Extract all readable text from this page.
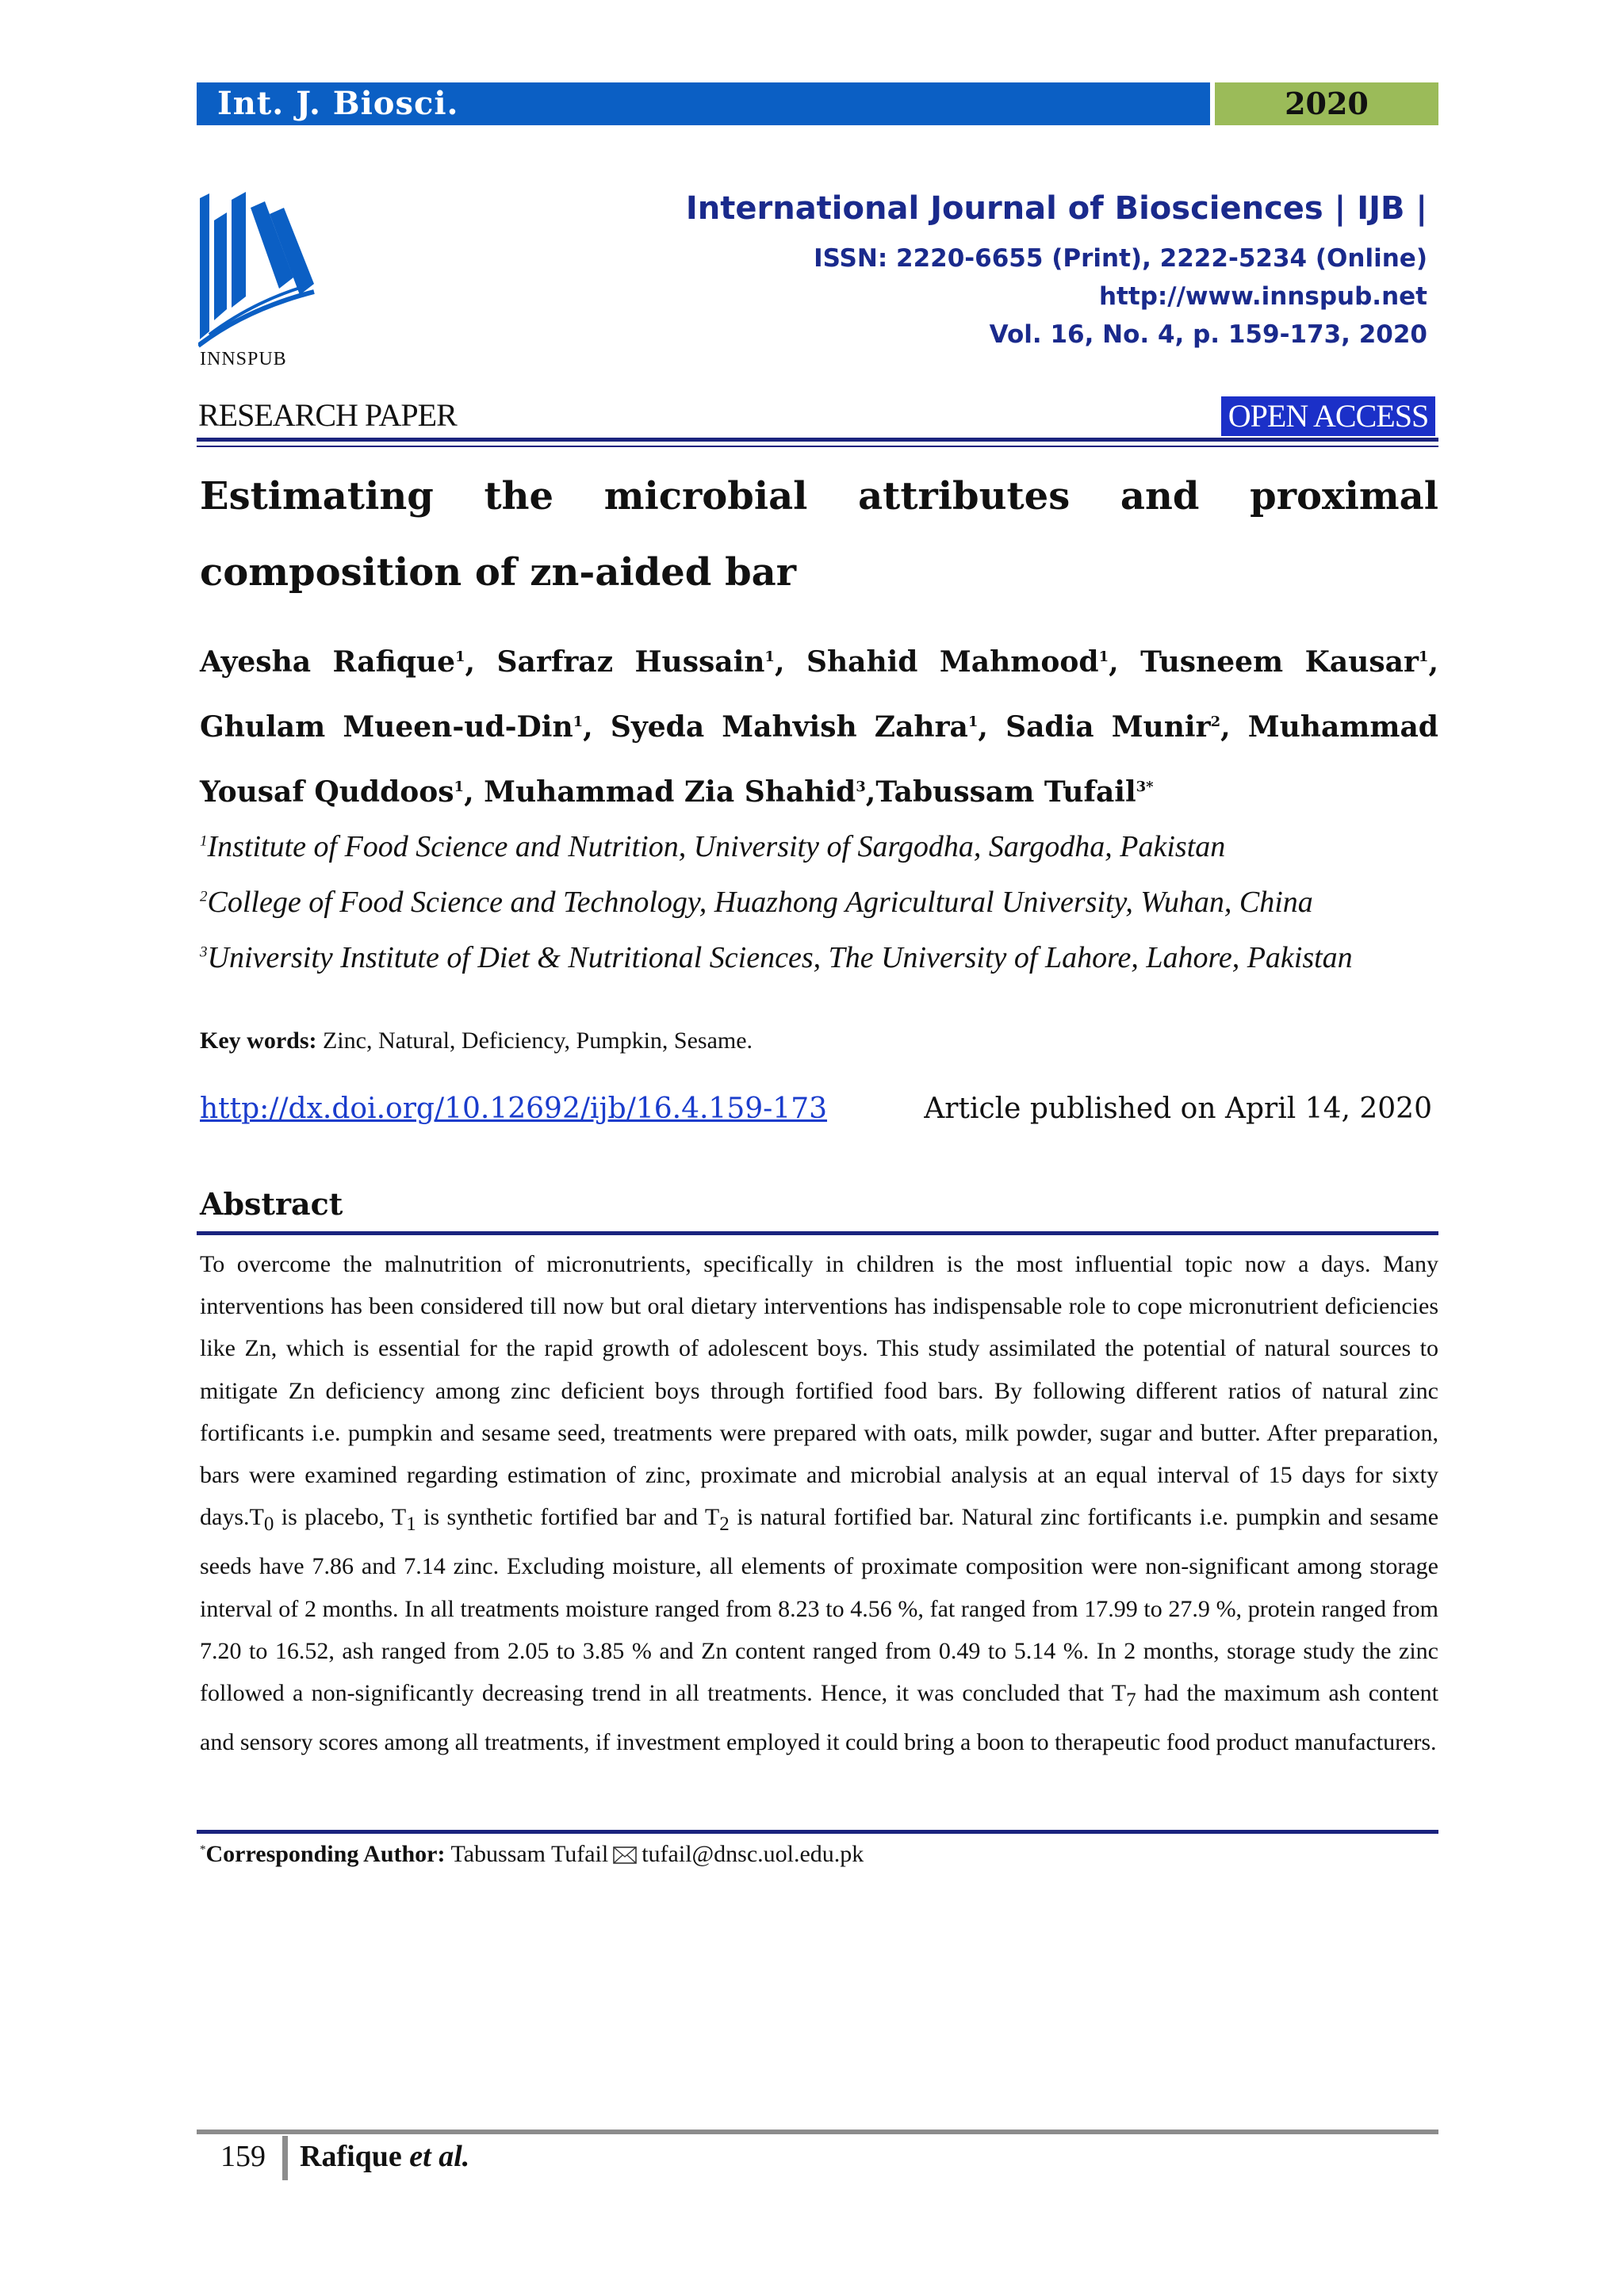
Int. J. Biosci.	2020
INNSPUB
International Journal of Biosciences | IJB |
ISSN: 2220-6655 (Print), 2222-5234 (Online)
http://www.innspub.net
Vol. 16, No. 4, p. 159-173, 2020
RESEARCH PAPER	OPEN ACCESS
Estimating the microbial attributes and proximal composition of zn-aided bar
Ayesha Rafique$^1$, Sarfraz Hussain$^1$, Shahid Mahmood$^1$, Tusneem Kausar$^1$, Ghulam Mueen-ud-Din$^1$, Syeda Mahvish Zahra$^1$, Sadia Munir$^2$, Muhammad Yousaf Quddoos$^1$, Muhammad Zia Shahid$^3$,Tabussam Tufail$^{3*}$
$^1$Institute of Food Science and Nutrition, University of Sargodha, Sargodha, Pakistan
$^2$College of Food Science and Technology, Huazhong Agricultural University, Wuhan, China
$^3$University Institute of Diet & Nutritional Sciences, The University of Lahore, Lahore, Pakistan
Key words: Zinc, Natural, Deficiency, Pumpkin, Sesame.
http://dx.doi.org/10.12692/ijb/16.4.159-173	Article published on April 14, 2020
Abstract
To overcome the malnutrition of micronutrients, specifically in children is the most influential topic now a days. Many interventions has been considered till now but oral dietary interventions has indispensable role to cope micronutrient deficiencies like Zn, which is essential for the rapid growth of adolescent boys. This study assimilated the potential of natural sources to mitigate Zn deficiency among zinc deficient boys through fortified food bars. By following different ratios of natural zinc fortificants i.e. pumpkin and sesame seed, treatments were prepared with oats, milk powder, sugar and butter. After preparation, bars were examined regarding estimation of zinc, proximate and microbial analysis at an equal interval of 15 days for sixty $days.T_0$ is placebo, $T_1$ is synthetic fortified bar and $T_2$ is natural fortified bar. Natural zinc fortificants i.e. pumpkin and sesame seeds have 7.86 and 7.14 zinc. Excluding moisture, all elements of proximate composition were non-significant among storage interval of 2 months. In all treatments moisture ranged from 8.23 to 4.56 %, fat ranged from 17.99 to 27.9 %, protein ranged from 7.20 to 16.52, ash ranged from 2.05 to 3.85 % and Zn content ranged from 0.49 to 5.14 %. In 2 months, storage study the zinc followed a non-significantly decreasing trend in all treatments. Hence, it was concluded that $T_7$ had the maximum ash content and sensory scores among all treatments, if investment employed it could bring a boon to therapeutic food product manufacturers.
*Corresponding Author: Tabussam Tufail tufail@dnsc.uol.edu.pk
159 Rafique et al.
